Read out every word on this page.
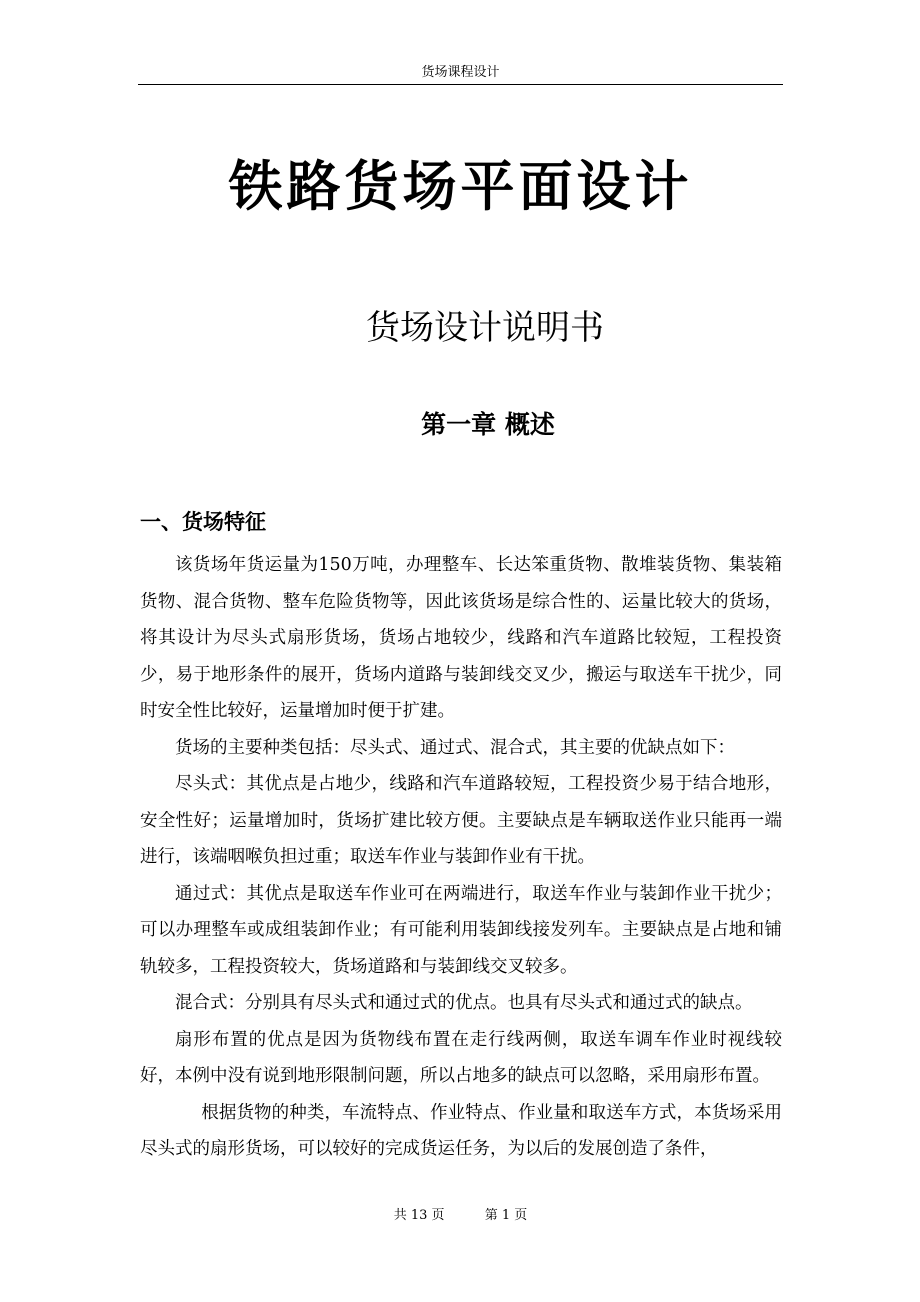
货场课程设计
铁路货场平面设计
货场设计说明书
第一章 概述
一、货场特征

该货场年货运量为150万吨，办理整车、长达笨重货物、散堆装货物、集装箱货物、混合货物、整车危险货物等，因此该货场是综合性的、运量比较大的货场，将其设计为尽头式扇形货场，货场占地较少，线路和汽车道路比较短，工程投资少，易于地形条件的展开，货场内道路与装卸线交叉少，搬运与取送车干扰少，同时安全性比较好，运量增加时便于扩建。

货场的主要种类包括：尽头式、通过式、混合式，其主要的优缺点如下：

尽头式：其优点是占地少，线路和汽车道路较短，工程投资少易于结合地形，安全性好；运量增加时，货场扩建比较方便。主要缺点是车辆取送作业只能再一端进行，该端咽喉负担过重；取送车作业与装卸作业有干扰。

通过式：其优点是取送车作业可在两端进行，取送车作业与装卸作业干扰少；可以办理整车或成组装卸作业；有可能利用装卸线接发列车。主要缺点是占地和铺轨较多，工程投资较大，货场道路和与装卸线交叉较多。

混合式：分别具有尽头式和通过式的优点。也具有尽头式和通过式的缺点。

扇形布置的优点是因为货物线布置在走行线两侧，取送车调车作业时视线较好，本例中没有说到地形限制问题，所以占地多的缺点可以忽略，采用扇形布置。

根据货物的种类，车流特点、作业特点、作业量和取送车方式，本货场采用尽头式的扇形货场，可以较好的完成货运任务，为以后的发展创造了条件，

共 13 页	第 1 页
